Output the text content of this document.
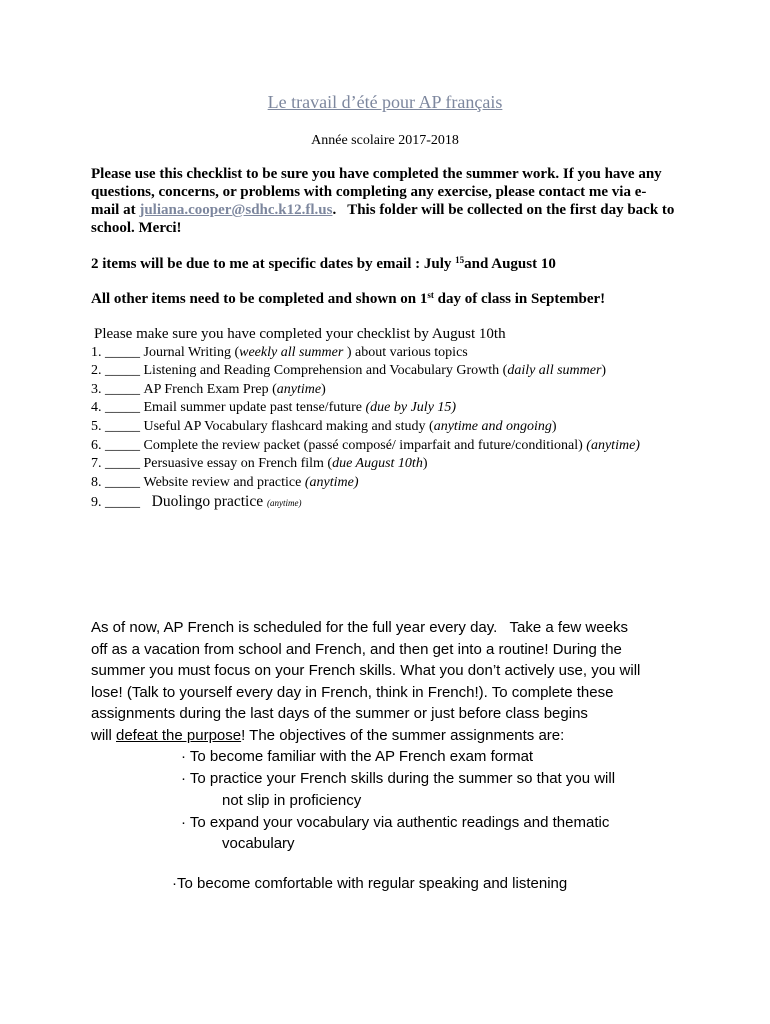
Le travail d’été pour AP français
Année scolaire 2017-2018
Please use this checklist to be sure you have completed the summer work. If you have any
questions, concerns, or problems with completing any exercise, please contact me via e-
mail at juliana.cooper@sdhc.k12.fl.us.   This folder will be collected on the first day back to
school. Merci!
2 items will be due to me at specific dates by email : July $^{15}$and August 10
All other items need to be completed and shown on 1st day of class in September!
Please make sure you have completed your checklist by August 10th
1. _____ Journal Writing (weekly all summer ) about various topics
2. _____ Listening and Reading Comprehension and Vocabulary Growth (daily all summer)
3. _____ AP French Exam Prep (anytime)
4. _____ Email summer update past tense/future (due by July 15)
5. _____ Useful AP Vocabulary flashcard making and study (anytime and ongoing)
6. _____ Complete the review packet (passé composé/ imparfait and future/conditional) (anytime)
7. _____ Persuasive essay on French film (due August 10th)
8. _____ Website review and practice (anytime)
9. _____ Duolingo practice (anytime)
As of now, AP French is scheduled for the full year every day.   Take a few weeks
off as a vacation from school and French, and then get into a routine! During the
summer you must focus on your French skills. What you don’t actively use, you will
lose! (Talk to yourself every day in French, think in French!). To complete these
assignments during the last days of the summer or just before class begins
will defeat the purpose! The objectives of the summer assignments are:
· To become familiar with the AP French exam format
· To practice your French skills during the summer so that you will
not slip in proficiency
· To expand your vocabulary via authentic readings and thematic
vocabulary
·To become comfortable with regular speaking and listening
